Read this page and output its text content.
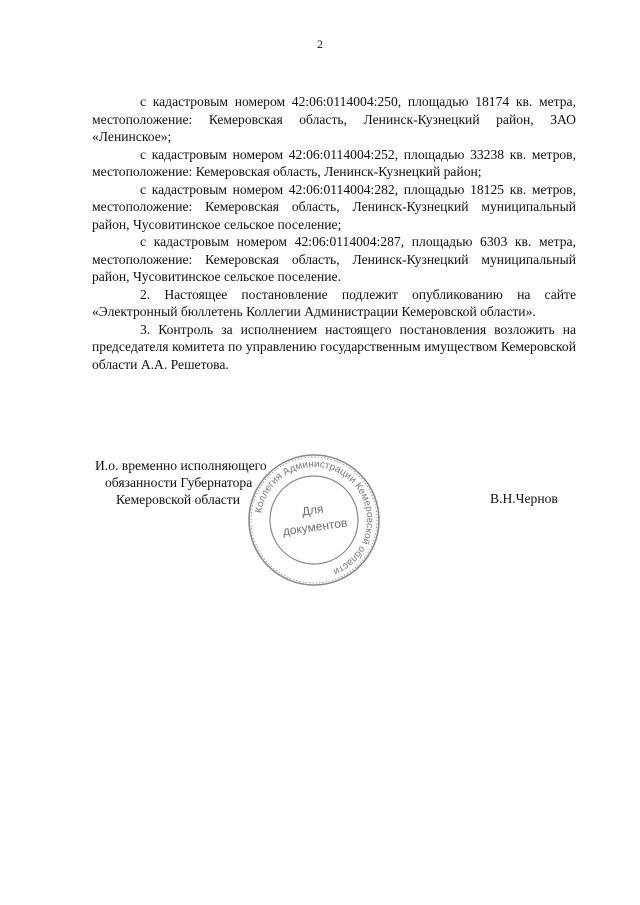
2

с кадастровым номером 42:06:0114004:250, площадью 18174 кв. метра, местоположение: Кемеровская область, Ленинск-Кузнецкий район, ЗАО «Ленинское»;

с кадастровым номером 42:06:0114004:252, площадью 33238 кв. метров, местоположение: Кемеровская область, Ленинск-Кузнецкий район;

с кадастровым номером 42:06:0114004:282, площадью 18125 кв. метров, местоположение: Кемеровская область, Ленинск-Кузнецкий муниципальный район, Чусовитинское сельское поселение;

с кадастровым номером 42:06:0114004:287, площадью 6303 кв. метра, местоположение: Кемеровская область, Ленинск-Кузнецкий муниципальный район, Чусовитинское сельское поселение.

2. Настоящее постановление подлежит опубликованию на сайте «Электронный бюллетень Коллегии Администрации Кемеровской области».

3. Контроль за исполнением настоящего постановления возложить на председателя комитета по управлению государственным имуществом Кемеровской области А.А. Решетова.

И.о. временно исполняющего
обязанности Губернатора
Кемеровской области
Коллегия Администрации Кемеровской области
Для
документов
В.Н.Чернов
